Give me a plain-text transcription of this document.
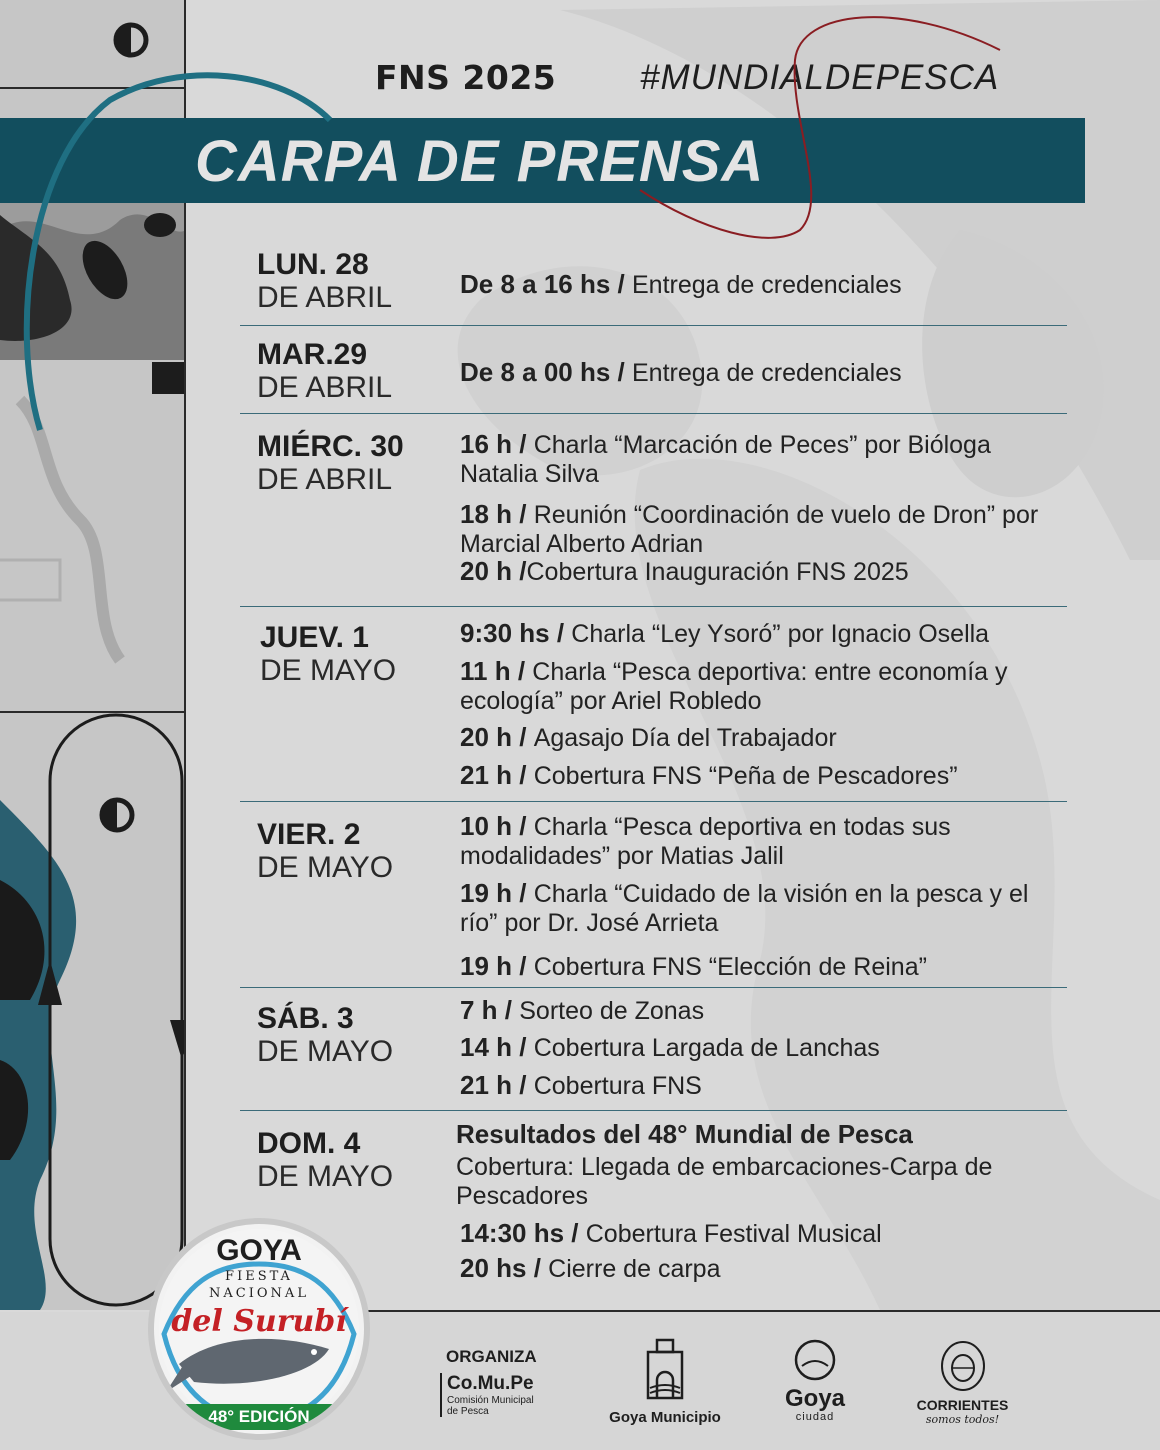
FNS 2025 #MUNDIALDEPESCA
CARPA DE PRENSA
LUN. 28
DE ABRIL	De 8 a 16 hs / Entrega de credenciales
MAR.29
DE ABRIL	De 8 a 00 hs / Entrega de credenciales
MIÉRC. 30
DE ABRIL
16 h / Charla “Marcación de Peces” por Bióloga Natalia Silva
18 h / Reunión “Coordinación de vuelo de Dron” por Marcial Alberto Adrian
20 h /Cobertura Inauguración FNS 2025
JUEV. 1
DE MAYO
9:30 hs / Charla “Ley Ysoró” por Ignacio Osella
11 h / Charla “Pesca deportiva: entre economía y ecología” por Ariel Robledo
20 h / Agasajo Día del Trabajador
21 h / Cobertura FNS “Peña de Pescadores”
VIER. 2
DE MAYO
10 h / Charla “Pesca deportiva en todas sus modalidades” por Matias Jalil
19 h / Charla “Cuidado de la visión en la pesca y el río” por Dr. José Arrieta
19 h / Cobertura FNS “Elección de Reina”
SÁB. 3
DE MAYO
7 h / Sorteo de Zonas
14 h / Cobertura Largada de Lanchas
21 h / Cobertura FNS
DOM. 4
DE MAYO
Resultados del 48° Mundial de Pesca
Cobertura: Llegada de embarcaciones-Carpa de Pescadores
14:30 hs / Cobertura Festival Musical
20 hs / Cierre de carpa
ORGANIZA
Co.Mu.Pe
Comisión Municipal
de Pesca	Goya Municipio
Goya
ciudad
CORRIENTES
somos todos!
GOYA
FIESTA
NACIONAL
del Surubí
48° EDICIÓN
